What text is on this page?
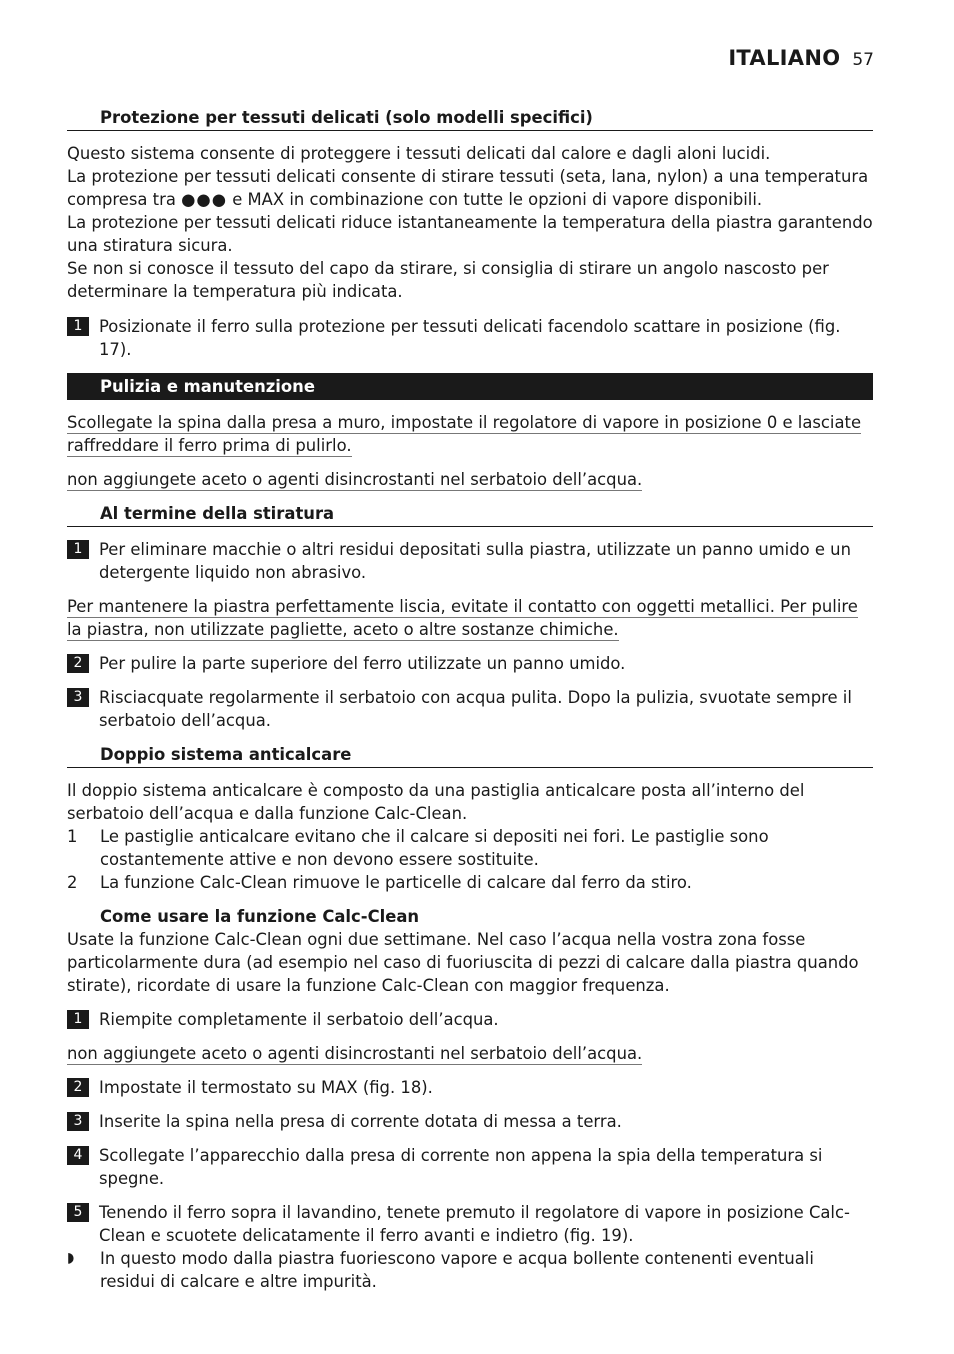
ITALIANO 57
Protezione per tessuti delicati (solo modelli specifici)
Questo sistema consente di proteggere i tessuti delicati dal calore e dagli aloni lucidi.
La protezione per tessuti delicati consente di stirare tessuti (seta, lana, nylon) a una temperatura compresa tra ●●● e MAX in combinazione con tutte le opzioni di vapore disponibili.
La protezione per tessuti delicati riduce istantaneamente la temperatura della piastra garantendo una stiratura sicura.
Se non si conosce il tessuto del capo da stirare, si consiglia di stirare un angolo nascosto per determinare la temperatura più indicata.
1	Posizionate il ferro sulla protezione per tessuti delicati facendolo scattare in posizione (fig. 17).
Pulizia e manutenzione
Scollegate la spina dalla presa a muro, impostate il regolatore di vapore in posizione 0 e lasciate raffreddare il ferro prima di pulirlo.
non aggiungete aceto o agenti disincrostanti nel serbatoio dell’acqua.
Al termine della stiratura
1	Per eliminare macchie o altri residui depositati sulla piastra, utilizzate un panno umido e un detergente liquido non abrasivo.
Per mantenere la piastra perfettamente liscia, evitate il contatto con oggetti metallici. Per pulire la piastra, non utilizzate pagliette, aceto o altre sostanze chimiche.
2	Per pulire la parte superiore del ferro utilizzate un panno umido.
3	Risciacquate regolarmente il serbatoio con acqua pulita. Dopo la pulizia, svuotate sempre il serbatoio dell’acqua.
Doppio sistema anticalcare
Il doppio sistema anticalcare è composto da una pastiglia anticalcare posta all’interno del serbatoio dell’acqua e dalla funzione Calc-Clean.
1	Le pastiglie anticalcare evitano che il calcare si depositi nei fori. Le pastiglie sono costantemente attive e non devono essere sostituite.
2	La funzione Calc-Clean rimuove le particelle di calcare dal ferro da stiro.
Come usare la funzione Calc-Clean
Usate la funzione Calc-Clean ogni due settimane. Nel caso l’acqua nella vostra zona fosse particolarmente dura (ad esempio nel caso di fuoriuscita di pezzi di calcare dalla piastra quando stirate), ricordate di usare la funzione Calc-Clean con maggior frequenza.
1	Riempite completamente il serbatoio dell’acqua.
non aggiungete aceto o agenti disincrostanti nel serbatoio dell’acqua.
2	Impostate il termostato su MAX (fig. 18).
3	Inserite la spina nella presa di corrente dotata di messa a terra.
4	Scollegate l’apparecchio dalla presa di corrente non appena la spia della temperatura si spegne.
5	Tenendo il ferro sopra il lavandino, tenete premuto il regolatore di vapore in posizione Calc-Clean e scuotete delicatamente il ferro avanti e indietro (fig. 19).
◗	In questo modo dalla piastra fuoriescono vapore e acqua bollente contenenti eventuali residui di calcare e altre impurità.
